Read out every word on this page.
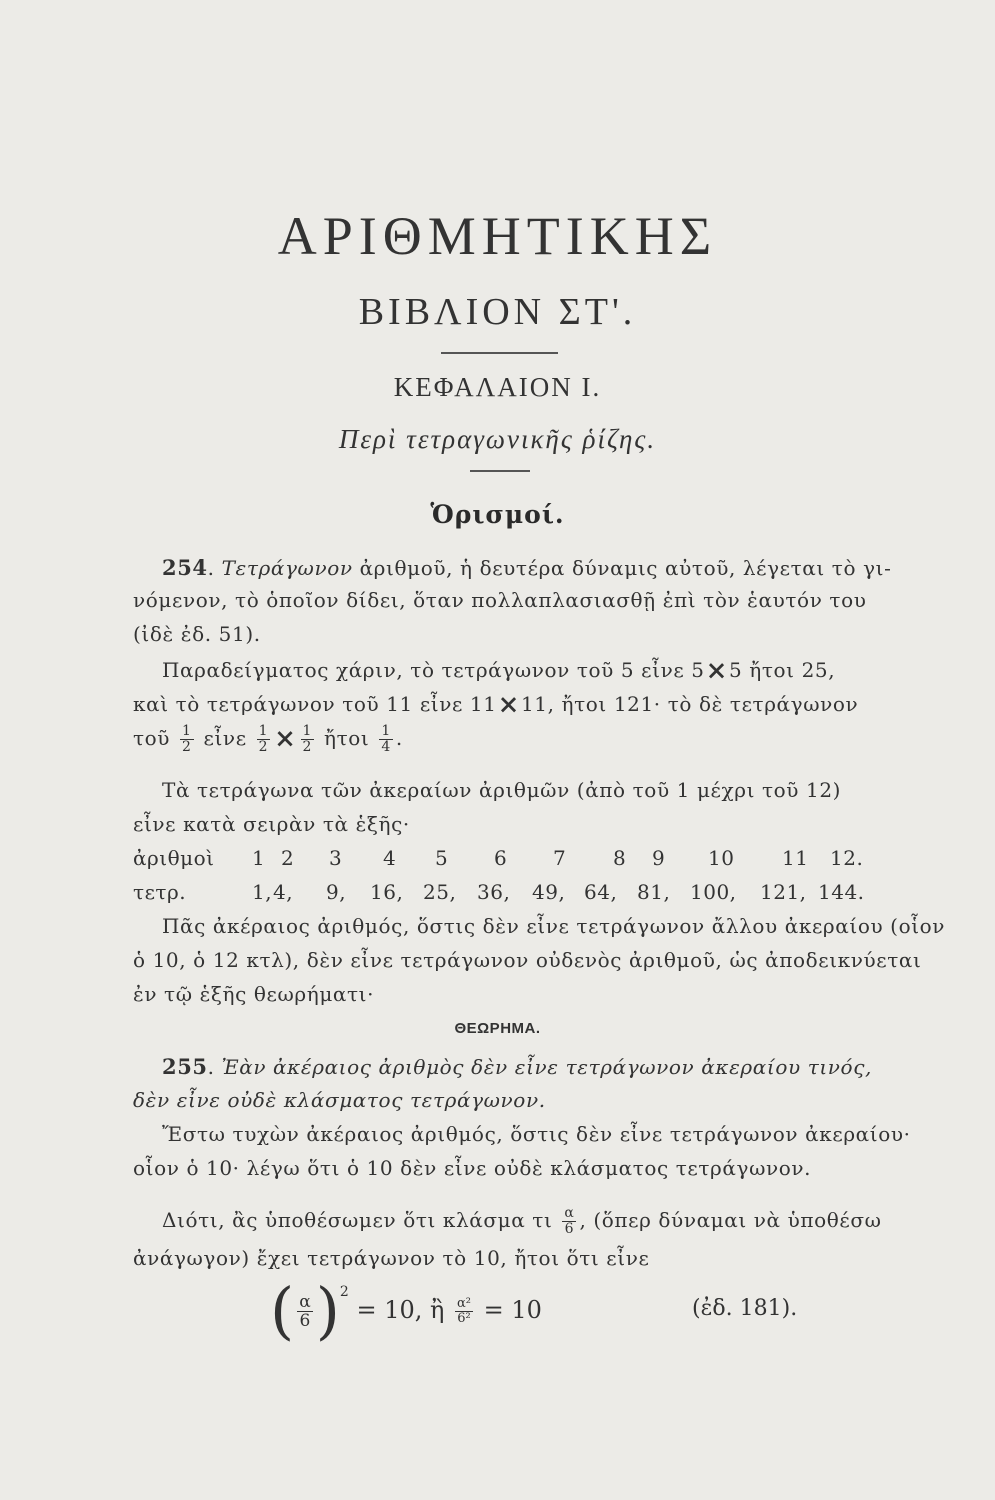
ΑΡΙΘΜΗΤΙΚΗΣ
ΒΙΒΛΙΟΝ ΣΤ'.
ΚΕΦΑΛΑΙΟΝ Ι.
Περὶ τετραγωνικῆς ῥίζης.
Ὁρισμοί.
254. Τετράγωνον ἀριθμοῦ, ἡ δευτέρα δύναμις αὐτοῦ, λέγεται τὸ γι-
νόμενον, τὸ ὁποῖον δίδει, ὅταν πολλαπλασιασθῇ ἐπὶ τὸν ἑαυτόν του
(ἰδὲ ἐδ. 51).
Παραδείγματος χάριν, τὸ τετράγωνον τοῦ 5 εἶνε 5×5 ἤτοι 25,
καὶ τὸ τετράγωνον τοῦ 11 εἶνε 11×11, ἤτοι 121· τὸ δὲ τετράγωνον
τοῦ $\frac{1}{2}$ εἶνε $\frac{1}{2} \times \frac{1}{2}$ ἤτοι $\frac{1}{4}$ .
Τὰ τετράγωνα τῶν ἀκεραίων ἀριθμῶν (ἀπὸ τοῦ 1 μέχρι τοῦ 12)
εἶνε κατὰ σειρὰν τὰ ἑξῆς·
ἀριθμοὶ 1 2 3 4 5 6 7 8 9 10 11 12.
τετρ.	1, 4, 9, 16, 25, 36, 49, 64, 81, 100, 121, 144.
Πᾶς ἀκέραιος ἀριθμός, ὅστις δὲν εἶνε τετράγωνον ἄλλου ἀκεραίου (οἷον
ὁ 10, ὁ 12 κτλ), δὲν εἶνε τετράγωνον οὐδενὸς ἀριθμοῦ, ὡς ἀποδεικνύεται
ἐν τῷ ἑξῆς θεωρήματι·
ΘΕΩΡΗΜΑ.
255. Ἐὰν ἀκέραιος ἀριθμὸς δὲν εἶνε τετράγωνον ἀκεραίου τινός,
δὲν εἶνε οὐδὲ κλάσματος τετράγωνον.
Ἔστω τυχὼν ἀκέραιος ἀριθμός, ὅστις δὲν εἶνε τετράγωνον ἀκεραίου·
οἷον ὁ 10· λέγω ὅτι ὁ 10 δὲν εἶνε οὐδὲ κλάσματος τετράγωνον.
Διότι, ἂς ὑποθέσωμεν ὅτι κλάσμα τι $\frac{\alpha}{6}$ , (ὅπερ δύναμαι νὰ ὑποθέσω
ἀνάγωγον) ἔχει τετράγωνον τὸ 10, ἤτοι ὅτι εἶνε
( $\frac{\alpha}{6} )^2 = 10$, ἢ $\frac{\text{α²}}{\text{6²}} = 10$	(ἐδ. 181).
